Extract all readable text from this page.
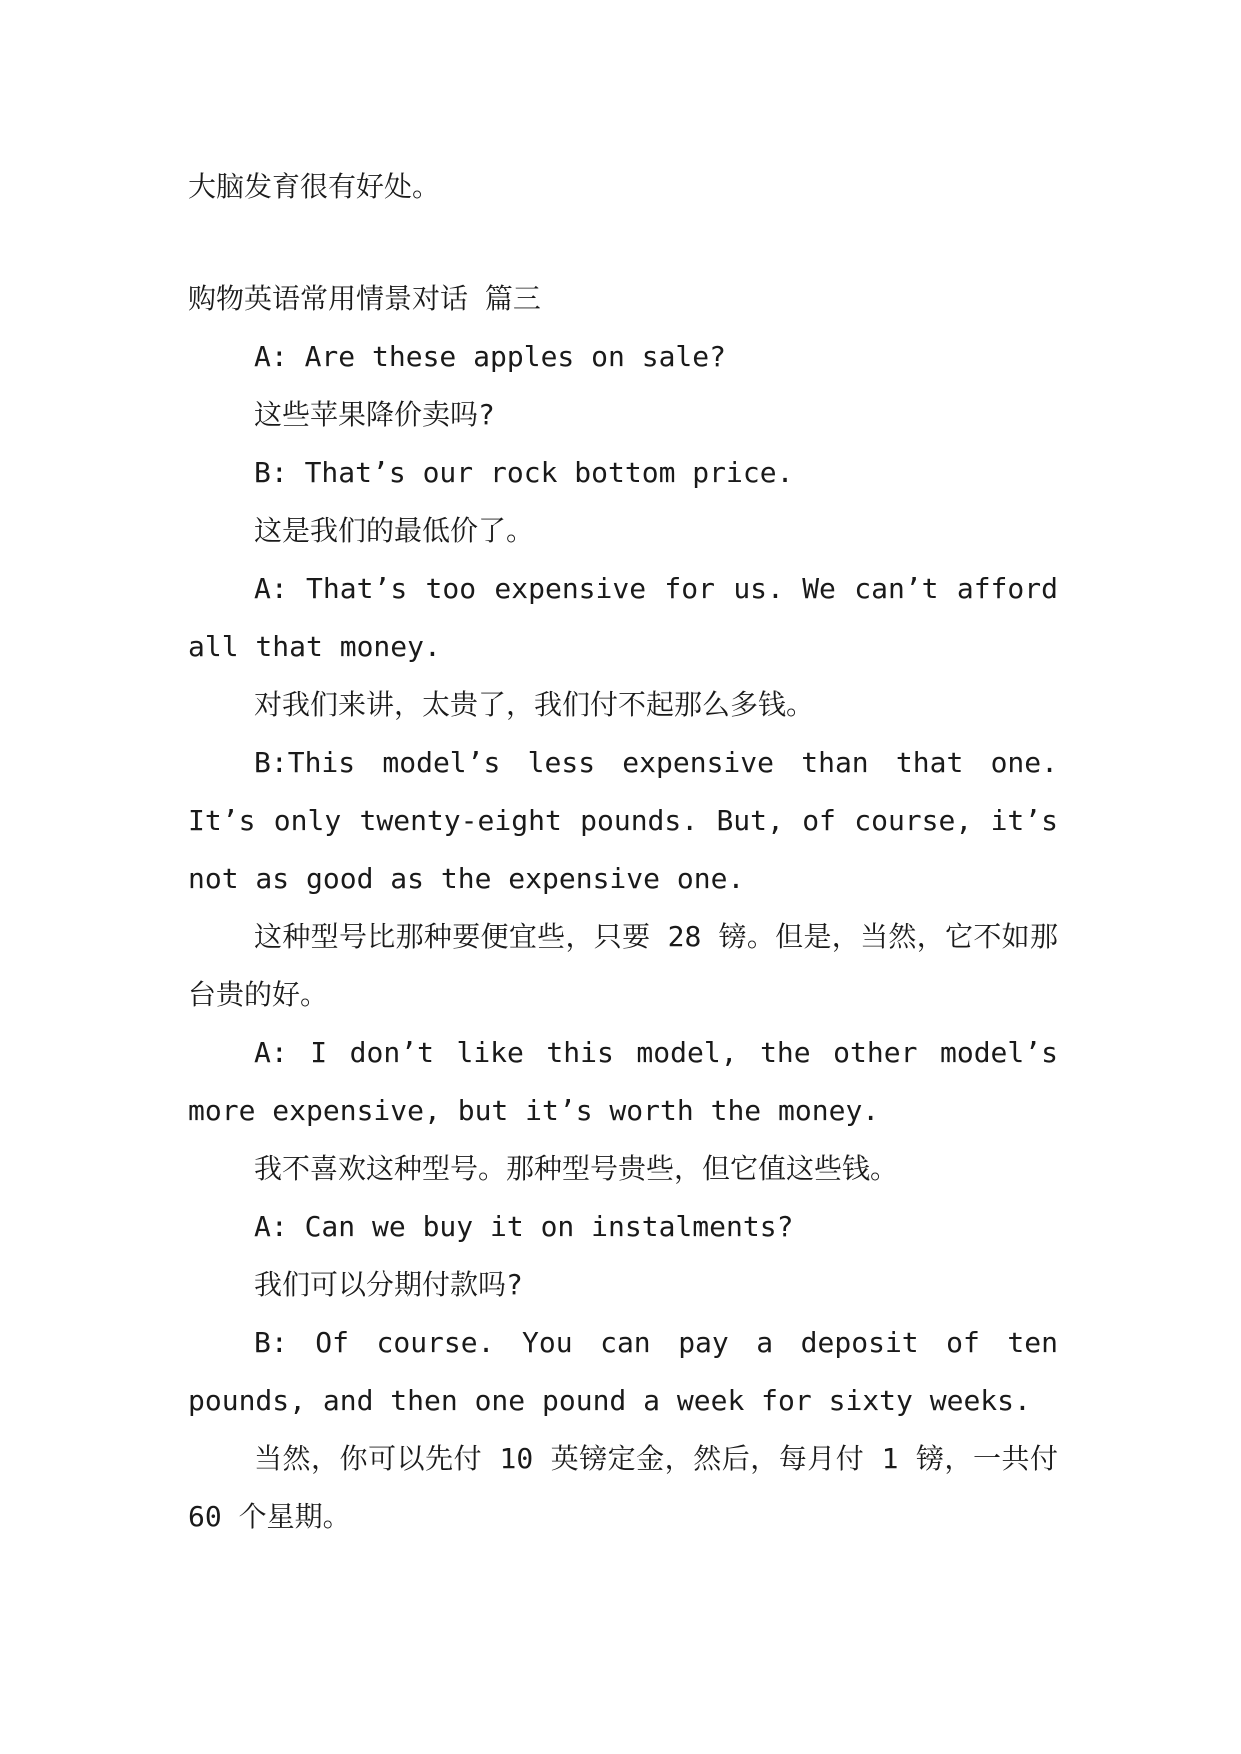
大脑发育很有好处。

购物英语常用情景对话 篇三

A: Are these apples on sale?

这些苹果降价卖吗?

B: That’s our rock bottom price.

这是我们的最低价了。

A: That’s too expensive for us. We can’t afford all that money.

对我们来讲，太贵了，我们付不起那么多钱。

B:This model’s less expensive than that one. It’s only twenty-eight pounds. But, of course, it’s not as good as the expensive one.

这种型号比那种要便宜些，只要 28 镑。但是，当然，它不如那台贵的好。

A: I don’t like this model, the other model’s more expensive, but it’s worth the money.

我不喜欢这种型号。那种型号贵些，但它值这些钱。

A: Can we buy it on instalments?

我们可以分期付款吗?

B: Of course. You can pay a deposit of ten pounds, and then one pound a week for sixty weeks.

当然，你可以先付 10 英镑定金，然后，每月付 1 镑，一共付 60 个星期。
